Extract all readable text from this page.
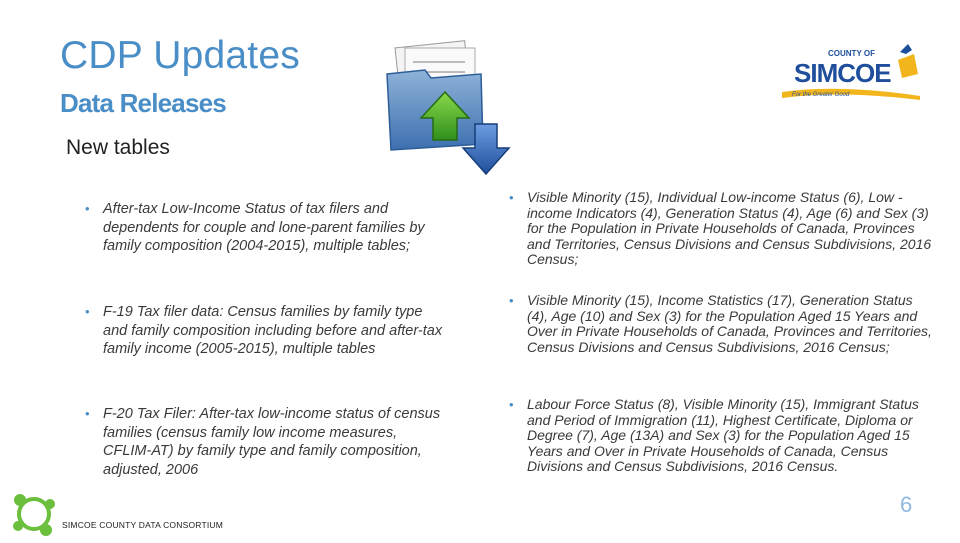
CDP Updates
Data Releases
New tables
COUNTY OF
SIMCOE
For the Greater Good
• After-tax Low-Income Status of tax filers and dependents for couple and lone-parent families by family composition (2004-2015), multiple tables;
• F-19 Tax filer data: Census families by family type and family composition including before and after-tax family income (2005-2015), multiple tables
• F-20 Tax Filer: After-tax low-income status of census families (census family low income measures, CFLIM-AT) by family type and family composition, adjusted, 2006
• Visible Minority (15), Individual Low-income Status (6), Low -income Indicators (4), Generation Status (4), Age (6) and Sex (3) for the Population in Private Households of Canada, Provinces and Territories, Census Divisions and Census Subdivisions, 2016 Census;
• Visible Minority (15), Income Statistics (17), Generation Status (4), Age (10) and Sex (3) for the Population Aged 15 Years and Over in Private Households of Canada, Provinces and Territories, Census Divisions and Census Subdivisions, 2016 Census;
• Labour Force Status (8), Visible Minority (15), Immigrant Status and Period of Immigration (11), Highest Certificate, Diploma or Degree (7), Age (13A) and Sex (3) for the Population Aged 15 Years and Over in Private Households of Canada, Census Divisions and Census Subdivisions, 2016 Census.
SIMCOE COUNTY DATA CONSORTIUM
6
